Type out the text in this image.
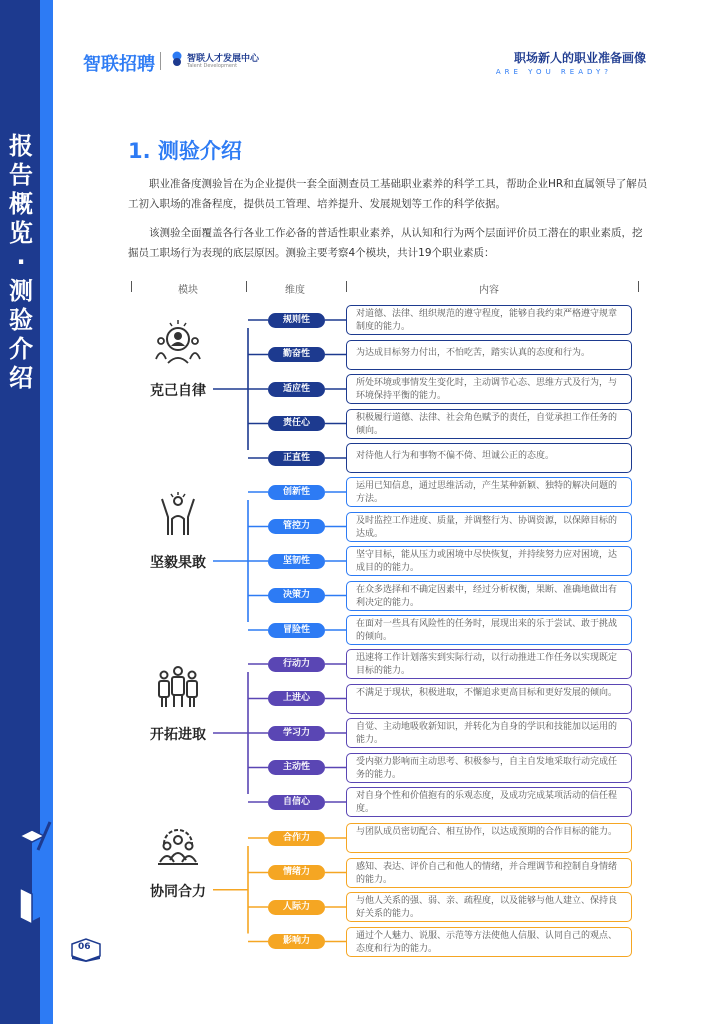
报
告
概
览
·
测
验
介
绍
06
智联招聘	智联人才发展中心
Talent Development
职场新人的职业准备画像
ARE YOU READY?
1. 测验介绍
职业准备度测验旨在为企业提供一套全面测查员工基础职业素养的科学工具，帮助企业HR和直属领导了解员工初入职场的准备程度，提供员工管理、培养提升、发展规划等工作的科学依据。
该测验全面覆盖各行各业工作必备的普适性职业素养，从认知和行为两个层面评价员工潜在的职业素质，挖掘员工职场行为表现的底层原因。测验主要考察4个模块，共计19个职业素质：
模块	维度	内容
克己自律
规则性
对道德、法律、组织规范的遵守程度，能够自我约束严格遵守规章制度的能力。
勤奋性	为达成目标努力付出，不怕吃苦，踏实认真的态度和行为。
适应性
所处环境或事情发生变化时，主动调节心态、思维方式及行为，与环境保持平衡的能力。
责任心
积极履行道德、法律、社会角色赋予的责任，自觉承担工作任务的倾向。
正直性	对待他人行为和事物不偏不倚、坦诚公正的态度。
坚毅果敢
创新性
运用已知信息，通过思维活动，产生某种新颖、独特的解决问题的方法。
管控力
及时监控工作进度、质量，并调整行为、协调资源，以保障目标的达成。
坚韧性
坚守目标，能从压力或困境中尽快恢复，并持续努力应对困境，达成目的的能力。
决策力
在众多选择和不确定因素中，经过分析权衡，果断、准确地做出有利决定的能力。
冒险性
在面对一些具有风险性的任务时，展现出来的乐于尝试、敢于挑战的倾向。
开拓进取
行动力
迅速将工作计划落实到实际行动，以行动推进工作任务以实现既定目标的能力。
上进心
不满足于现状，积极进取，不懈追求更高目标和更好发展的倾向。
学习力
自觉、主动地吸收新知识，并转化为自身的学识和技能加以运用的能力。
主动性
受内驱力影响而主动思考、积极参与，自主自发地采取行动完成任务的能力。
自信心
对自身个性和价值抱有的乐观态度，及成功完成某项活动的信任程度。
协同合力
合作力
与团队成员密切配合、相互协作，以达成预期的合作目标的能力。
情绪力
感知、表达、评价自己和他人的情绪，并合理调节和控制自身情绪的能力。
人际力
与他人关系的强、弱、亲、疏程度，以及能够与他人建立、保持良好关系的能力。
影响力
通过个人魅力、说服、示范等方法使他人信服、认同自己的观点、态度和行为的能力。
